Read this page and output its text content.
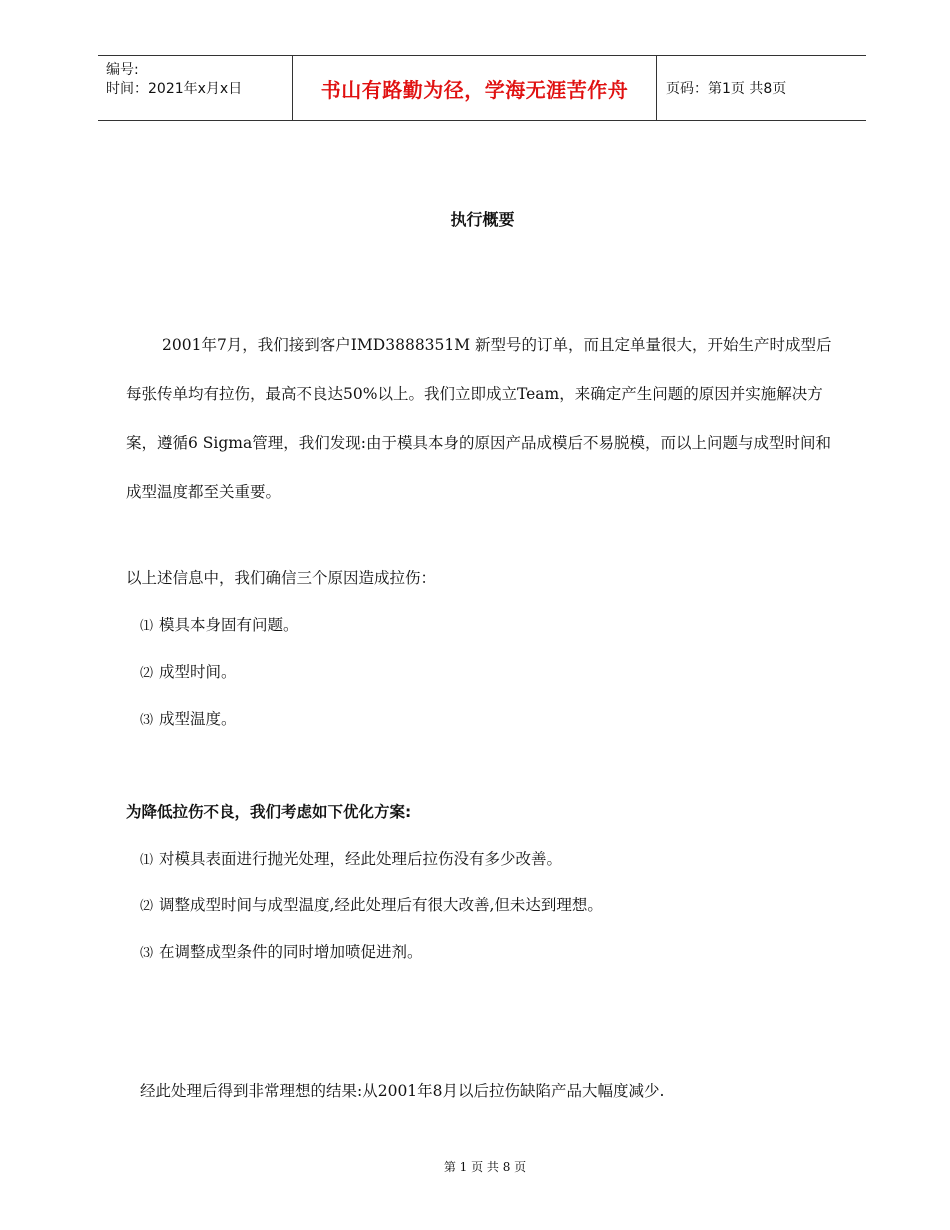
编号:
时间：2021年x月x日	书山有路勤为径，学海无涯苦作舟	页码：第1页 共8页
执行概要
2001年7月，我们接到客户IMD3888351M 新型号的订单，而且定单量很大，开始生产时成型后每张传单均有拉伤，最高不良达50%以上。我们立即成立Team，来确定产生问题的原因并实施解决方案，遵循6 Sigma管理，我们发现:由于模具本身的原因产品成模后不易脱模，而以上问题与成型时间和成型温度都至关重要。
以上述信息中，我们确信三个原因造成拉伤：
⑴ 模具本身固有问题。
⑵ 成型时间。
⑶ 成型温度。
为降低拉伤不良，我们考虑如下优化方案:
⑴ 对模具表面进行抛光处理，经此处理后拉伤没有多少改善。
⑵ 调整成型时间与成型温度,经此处理后有很大改善,但未达到理想。
⑶ 在调整成型条件的同时增加喷促进剂。
经此处理后得到非常理想的结果:从2001年8月以后拉伤缺陷产品大幅度减少.
第 1 页 共 8 页
